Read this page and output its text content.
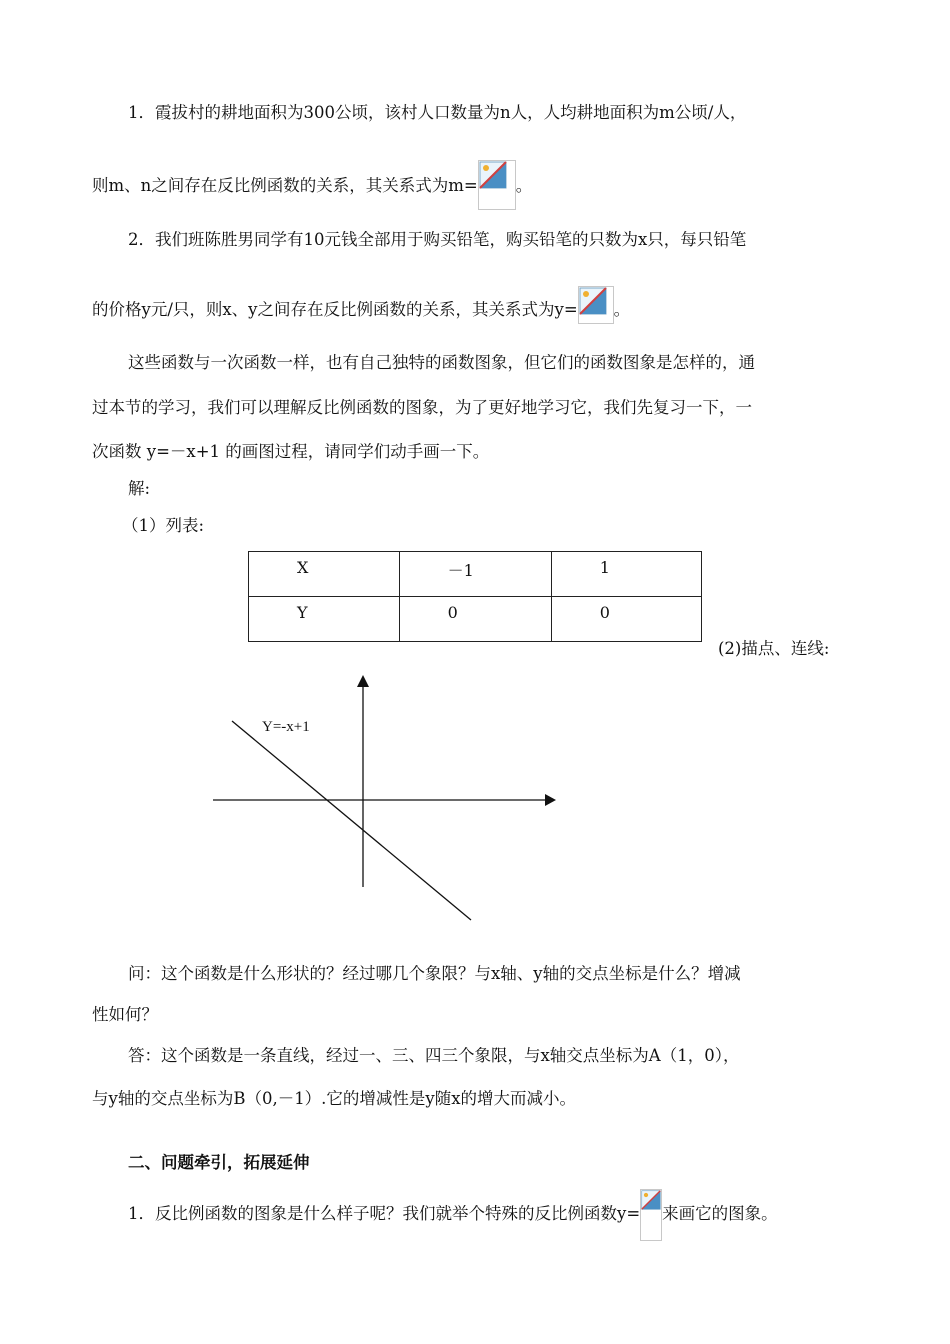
1．霞拔村的耕地面积为300公顷，该村人口数量为n人，人均耕地面积为m公顷/人，
则m、n之间存在反比例函数的关系，其关系式为m= 。
2．我们班陈胜男同学有10元钱全部用于购买铅笔，购买铅笔的只数为x只，每只铅笔
的价格y元/只，则x、y之间存在反比例函数的关系，其关系式为y= 。
这些函数与一次函数一样，也有自己独特的函数图象，但它们的函数图象是怎样的，通
过本节的学习，我们可以理解反比例函数的图象，为了更好地学习它，我们先复习一下，一
次函数 y=－x+1 的画图过程，请同学们动手画一下。
解:
（1）列表:
X	－1	1
Y	0	0
(2)描点、连线:
Y=-x+1
问：这个函数是什么形状的？经过哪几个象限？与x轴、y轴的交点坐标是什么？增减
性如何？
答：这个函数是一条直线，经过一、三、四三个象限，与x轴交点坐标为A（1，0），
与y轴的交点坐标为B（0,－1）.它的增减性是y随x的增大而减小。
二、问题牵引，拓展延伸
1．反比例函数的图象是什么样子呢？我们就举个特殊的反比例函数y= 来画它的图象。
